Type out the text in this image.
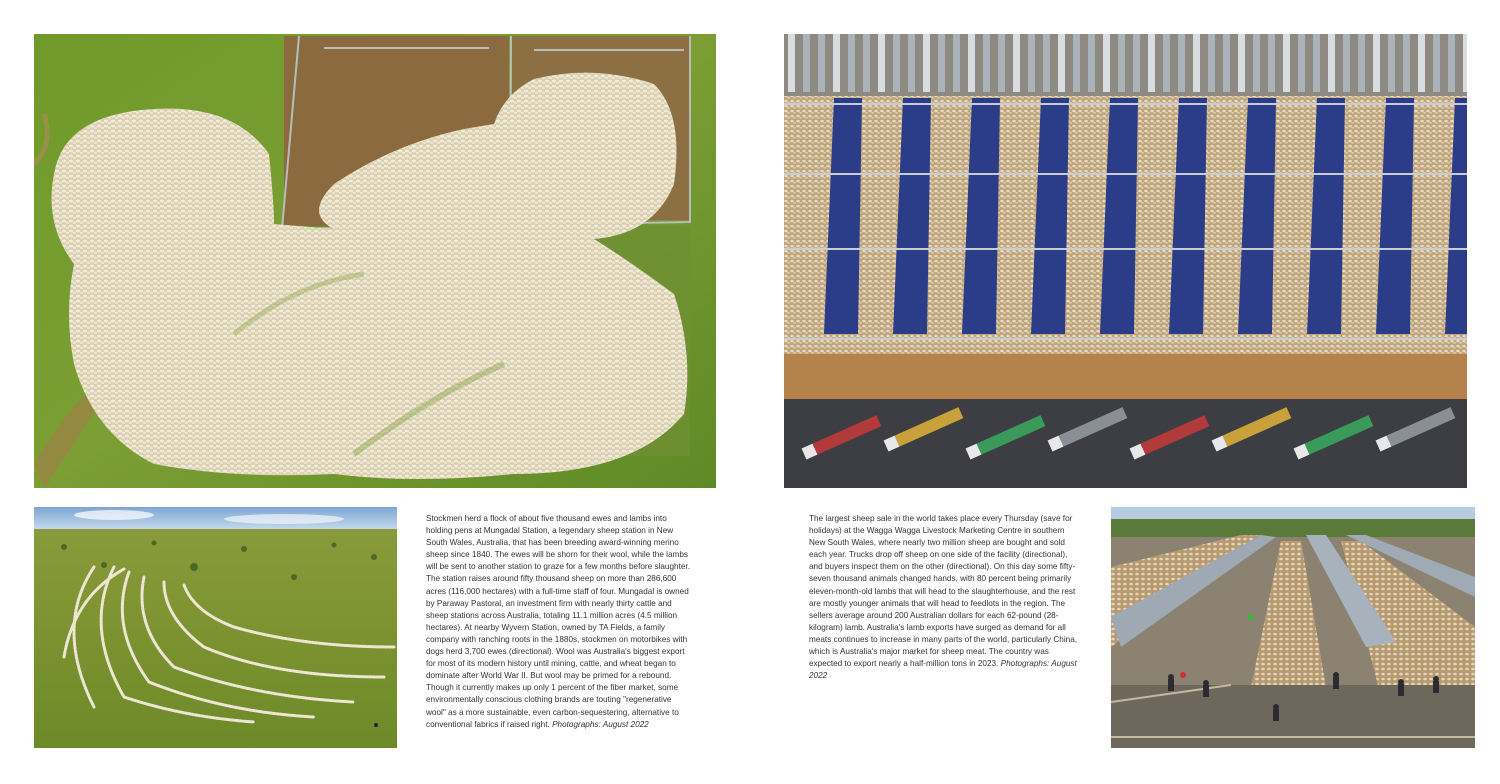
Stockmen herd a flock of about five thousand ewes and lambs into holding pens at Mungadal Station, a legendary sheep station in New South Wales, Australia, that has been breeding award-winning merino sheep since 1840. The ewes will be shorn for their wool, while the lambs will be sent to another station to graze for a few months before slaughter. The station raises around fifty thousand sheep on more than 286,600 acres (116,000 hectares) with a full-time staff of four. Mungadal is owned by Paraway Pastoral, an investment firm with nearly thirty cattle and sheep stations across Australia, totaling 11.1 million acres (4.5 million hectares). At nearby Wyvern Station, owned by TA Fields, a family company with ranching roots in the 1880s, stockmen on motorbikes with dogs herd 3,700 ewes (directional). Wool was Australia's biggest export for most of its modern history until mining, cattle, and wheat began to dominate after World War II. But wool may be primed for a rebound. Though it currently makes up only 1 percent of the fiber market, some environmentally conscious clothing brands are touting "regenerative wool" as a more sustainable, even carbon-sequestering, alternative to conventional fabrics if raised right. Photographs: August 2022

The largest sheep sale in the world takes place every Thursday (save for holidays) at the Wagga Wagga Livestock Marketing Centre in southern New South Wales, where nearly two million sheep are bought and sold each year. Trucks drop off sheep on one side of the facility (directional), and buyers inspect them on the other (directional). On this day some fifty-seven thousand animals changed hands, with 80 percent being primarily eleven-month-old lambs that will head to the slaughterhouse, and the rest are mostly younger animals that will head to feedlots in the region. The sellers average around 200 Australian dollars for each 62-pound (28-kilogram) lamb. Australia's lamb exports have surged as demand for all meats continues to increase in many parts of the world, particularly China, which is Australia's major market for sheep meat. The country was expected to export nearly a half-million tons in 2023. Photographs: August 2022
